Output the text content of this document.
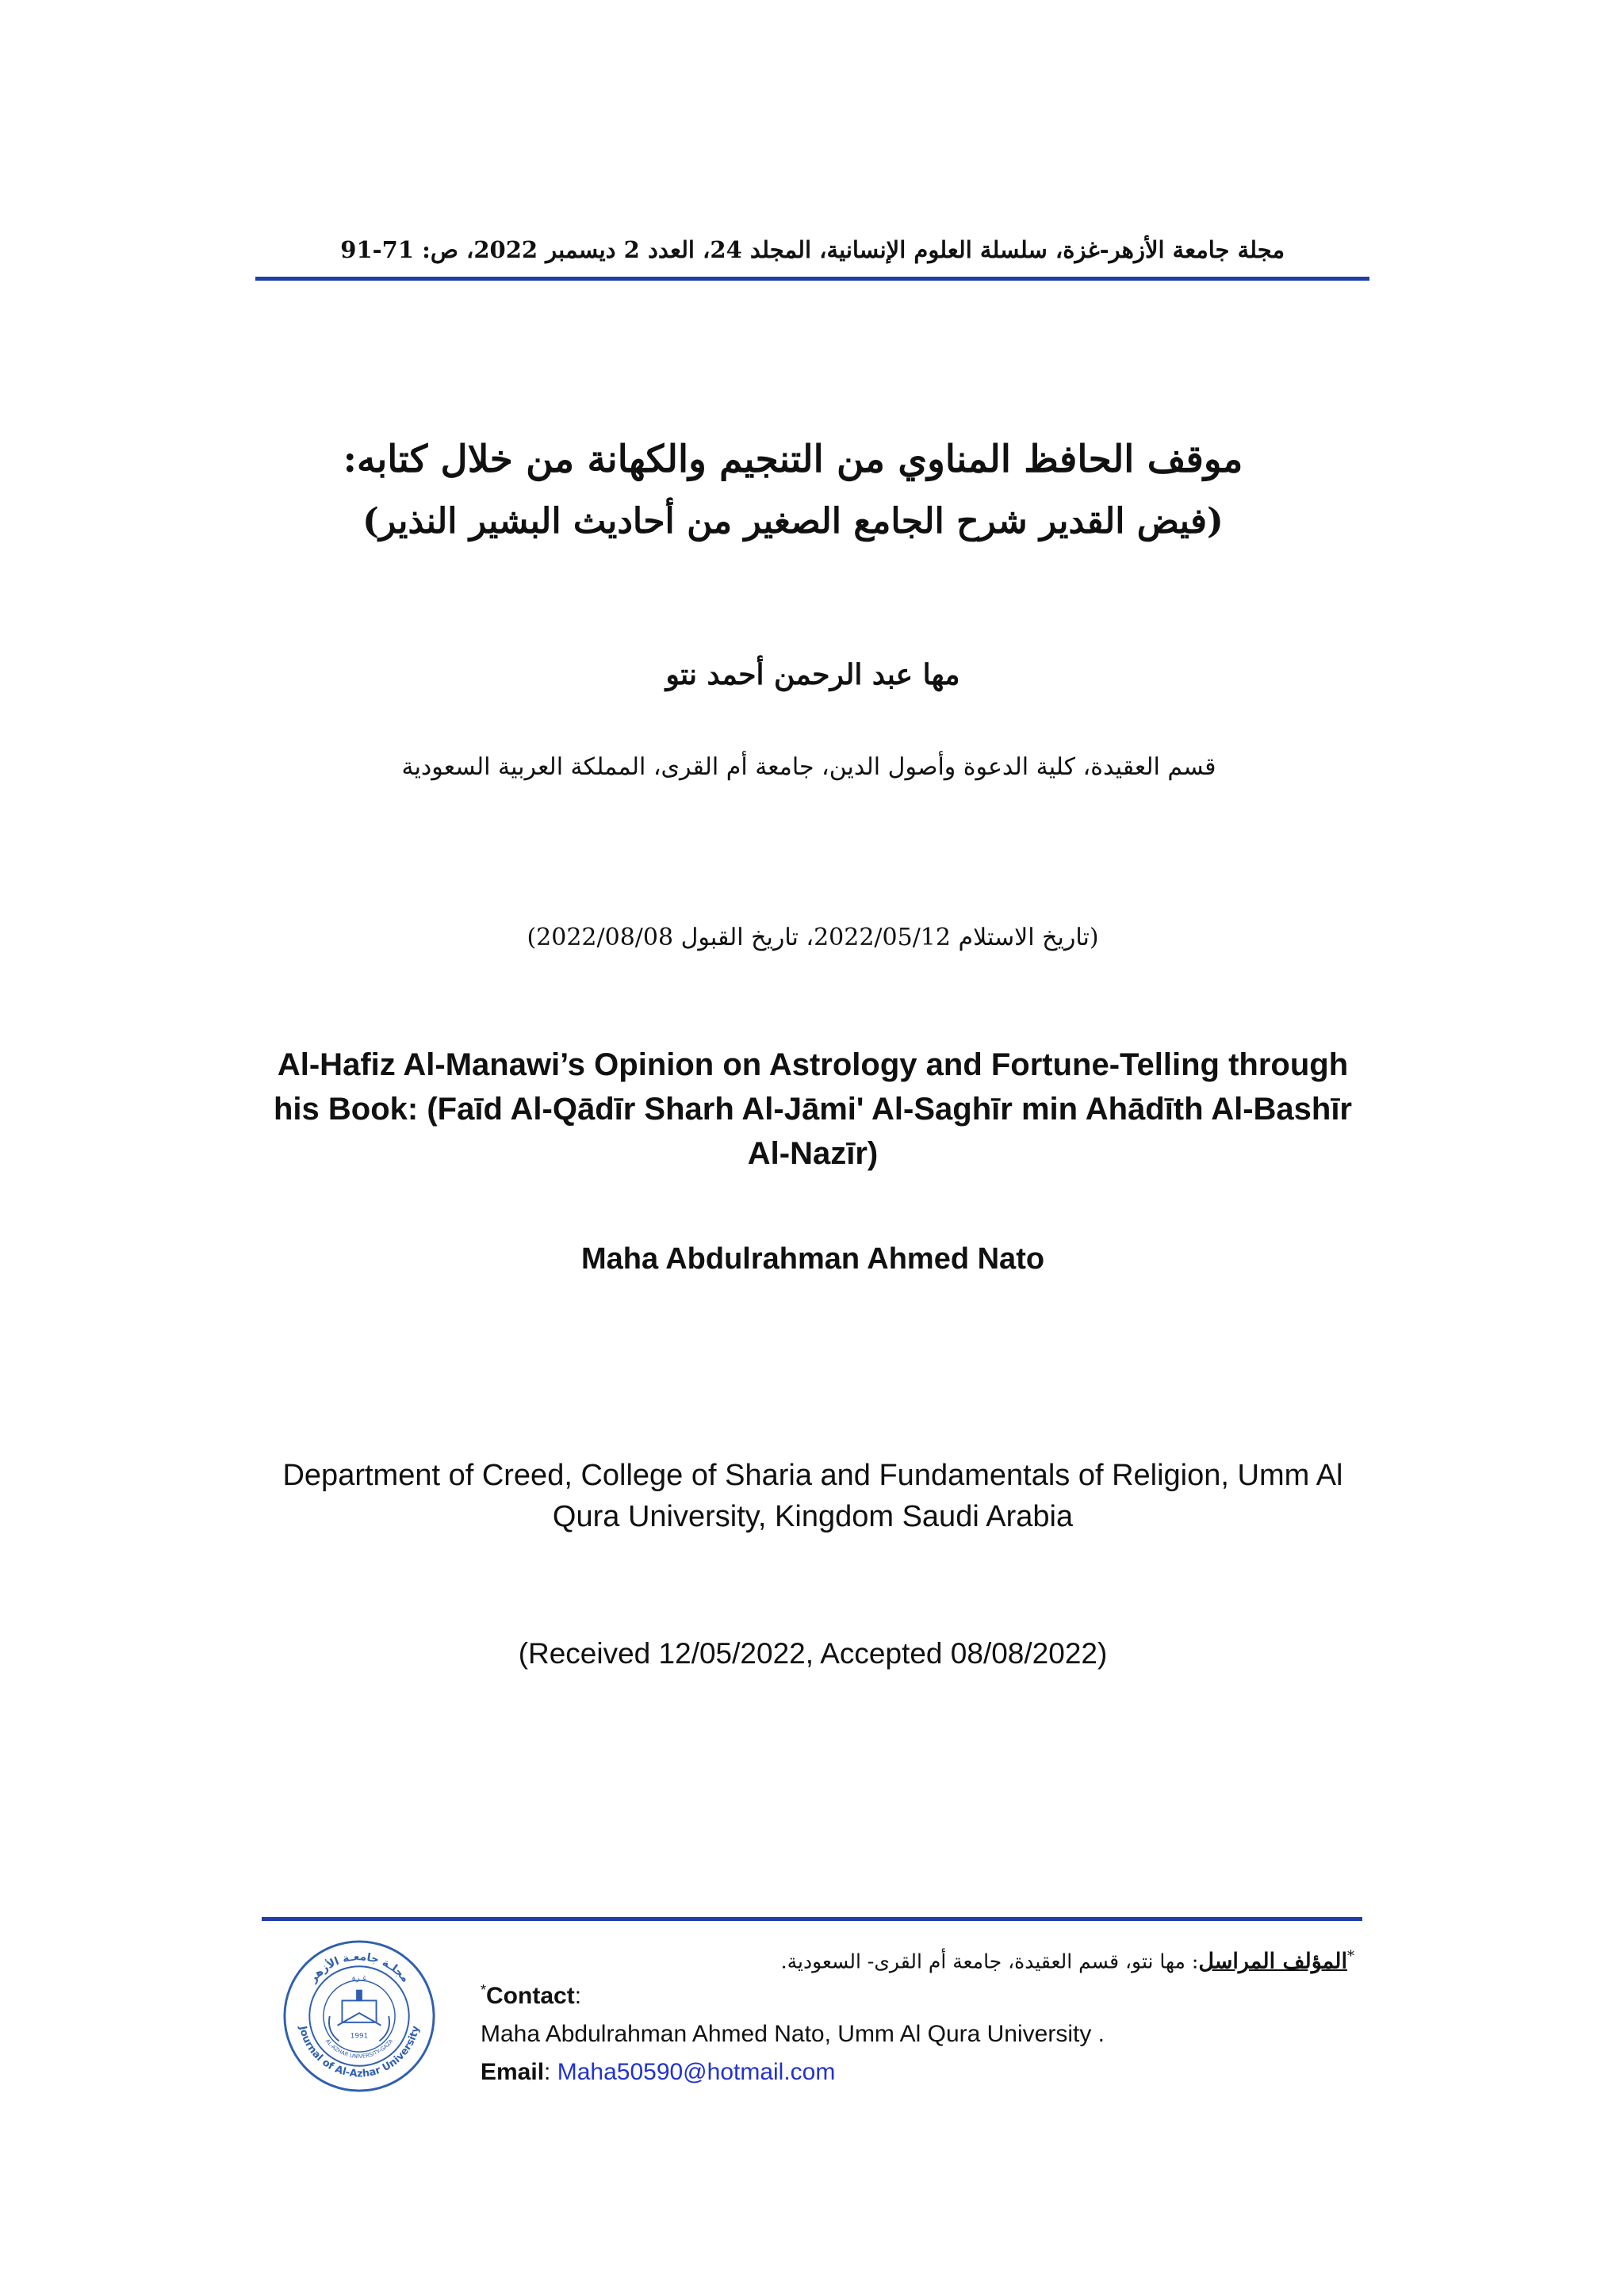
مجلة جامعة الأزهر-غزة، سلسلة العلوم الإنسانية، المجلد 24، العدد 2 ديسمبر 2022، ص: 71-91
موقف الحافظ المناوي من التنجيم والكهانة من خلال كتابه:
(فيض القدير شرح الجامع الصغير من أحاديث البشير النذير)
مها عبد الرحمن أحمد نتو
قسم العقيدة، كلية الدعوة وأصول الدين، جامعة أم القرى، المملكة العربية السعودية
(تاريخ الاستلام 2022/05/12، تاريخ القبول 2022/08/08)
Al-Hafiz Al-Manawi’s Opinion on Astrology and Fortune-Telling through his Book: (Faīd Al-Qādīr Sharh Al-Jāmi' Al-Saghīr min Ahādīth Al-Bashīr Al-Nazīr)
Maha Abdulrahman Ahmed Nato
Department of Creed, College of Sharia and Fundamentals of Religion, Umm Al Qura University, Kingdom Saudi Arabia
(Received 12/05/2022, Accepted 08/08/2022)
*المؤلف المراسل: مها نتو، قسم العقيدة، جامعة أم القرى- السعودية.
*Contact:
Maha Abdulrahman Ahmed Nato, Umm Al Qura University .
Email: Maha50590@hotmail.com
مجلـة جامعـة الأزهر
Journal of Al-Azhar University
AL-AZHAR UNIVERSITY-GAZA
غـزة
1991
